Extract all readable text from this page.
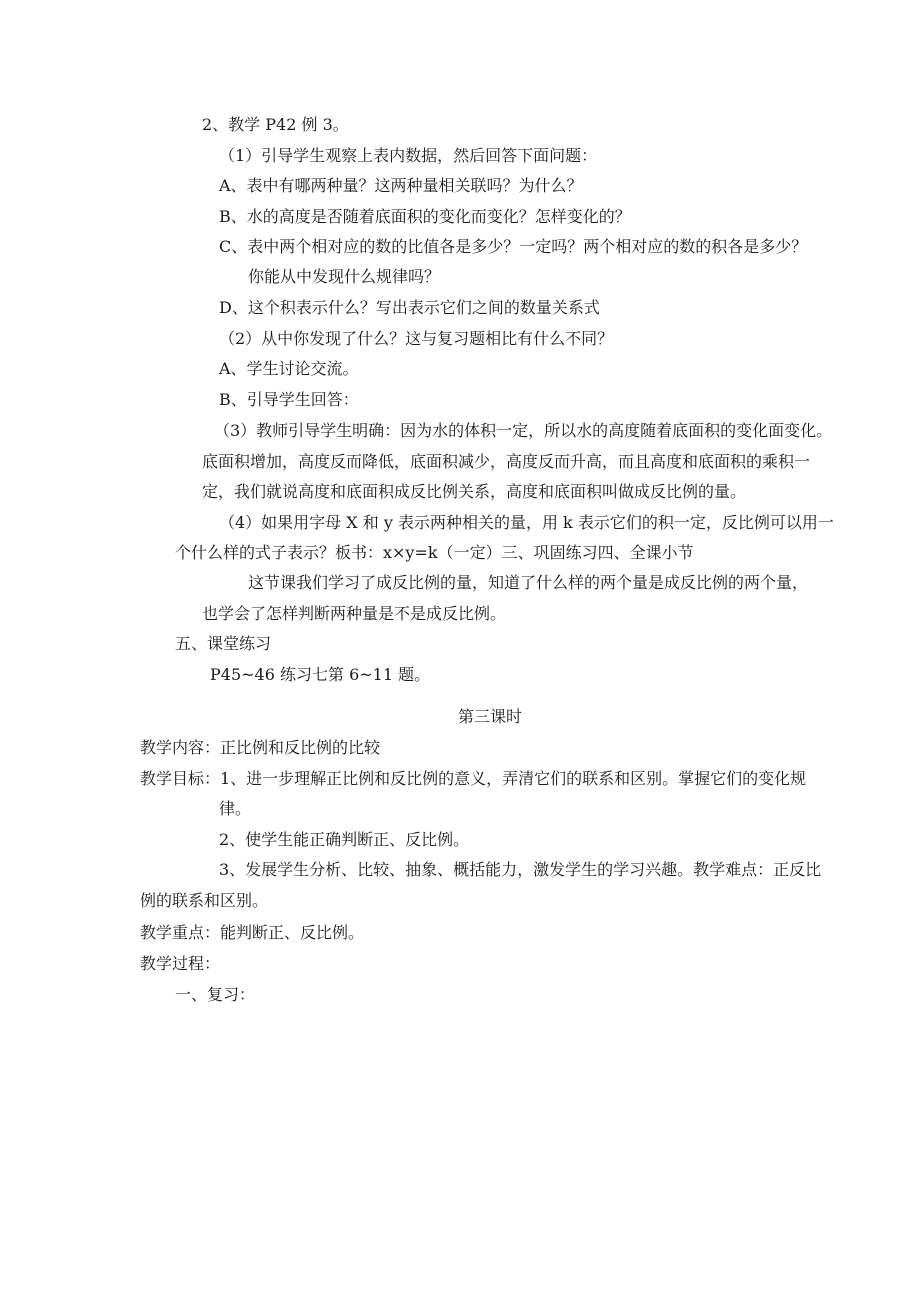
2、教学 P42 例 3。
（1）引导学生观察上表内数据，然后回答下面问题：
A、表中有哪两种量？这两种量相关联吗？为什么？
B、水的高度是否随着底面积的变化而变化？怎样变化的？
C、表中两个相对应的数的比值各是多少？一定吗？两个相对应的数的积各是多少？
你能从中发现什么规律吗？
D、这个积表示什么？写出表示它们之间的数量关系式
（2）从中你发现了什么？这与复习题相比有什么不同？
A、学生讨论交流。
B、引导学生回答：
（3）教师引导学生明确：因为水的体积一定，所以水的高度随着底面积的变化面变化。
底面积增加，高度反而降低，底面积减少，高度反而升高，而且高度和底面积的乘积一
定，我们就说高度和底面积成反比例关系，高度和底面积叫做成反比例的量。
（4）如果用字母 X 和 y 表示两种相关的量，用 k 表示它们的积一定，反比例可以用一
个什么样的式子表示？板书：x×y=k（一定）三、巩固练习四、全课小节
这节课我们学习了成反比例的量，知道了什么样的两个量是成反比例的两个量，
也学会了怎样判断两种量是不是成反比例。
五、课堂练习
P45~46 练习七第 6~11 题。
第三课时
教学内容：正比例和反比例的比较
教学目标：1、进一步理解正比例和反比例的意义，弄清它们的联系和区别。掌握它们的变化规
律。
2、使学生能正确判断正、反比例。
3、发展学生分析、比较、抽象、概括能力，激发学生的学习兴趣。教学难点：正反比
例的联系和区别。
教学重点：能判断正、反比例。
教学过程：
一、复习：
